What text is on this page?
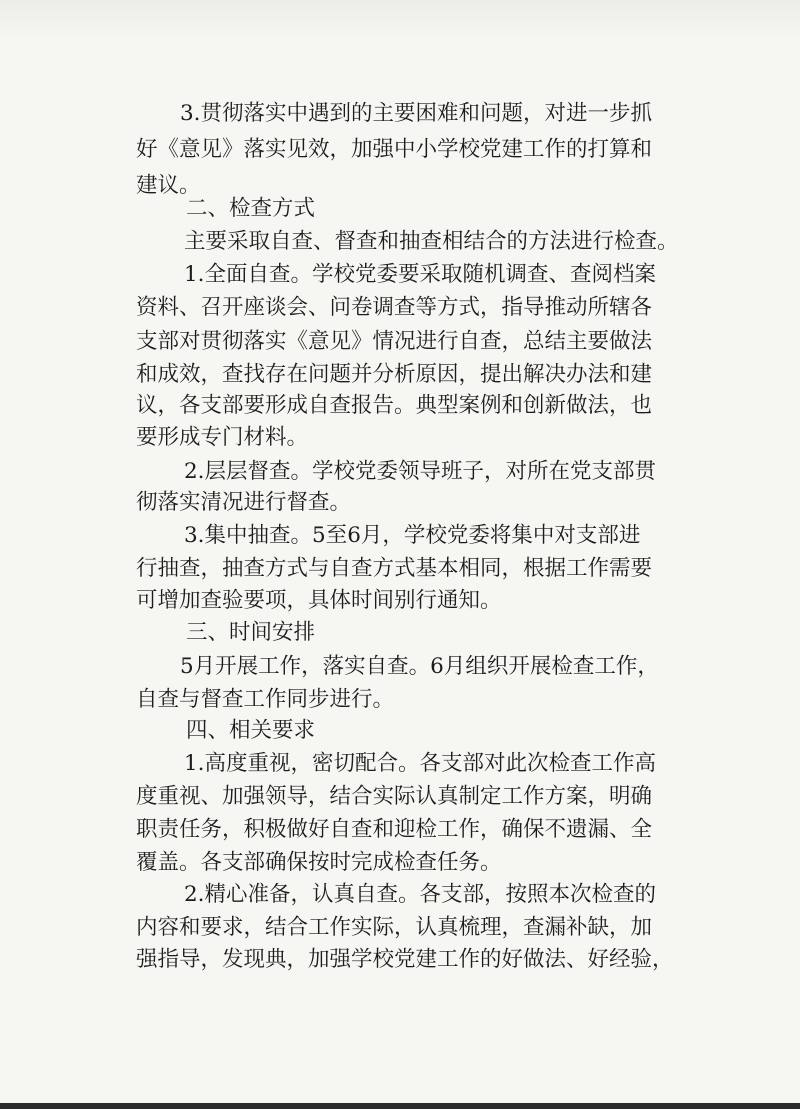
3.贯彻落实中遇到的主要困难和问题，对进一步抓
好《意见》落实见效，加强中小学校党建工作的打算和
建议。
二、检查方式
主要采取自查、督查和抽查相结合的方法进行检查。
1.全面自查。学校党委要采取随机调查、查阅档案
资料、召开座谈会、问卷调查等方式，指导推动所辖各
支部对贯彻落实《意见》情况进行自查，总结主要做法
和成效，查找存在问题并分析原因，提出解决办法和建
议，各支部要形成自查报告。典型案例和创新做法，也
要形成专门材料。
2.层层督查。学校党委领导班子，对所在党支部贯
彻落实清况进行督查。
3.集中抽查。5至6月，学校党委将集中对支部进
行抽查，抽查方式与自查方式基本相同，根据工作需要
可增加查验要项，具体时间别行通知。
三、时间安排
5月开展工作，落实自查。6月组织开展检查工作，
自查与督查工作同步进行。
四、相关要求
1.高度重视，密切配合。各支部对此次检查工作高
度重视、加强领导，结合实际认真制定工作方案，明确
职责任务，积极做好自查和迎检工作，确保不遗漏、全
覆盖。各支部确保按时完成检查任务。
2.精心准备，认真自查。各支部，按照本次检查的
内容和要求，结合工作实际，认真梳理，查漏补缺，加
强指导，发现典，加强学校党建工作的好做法、好经验，
